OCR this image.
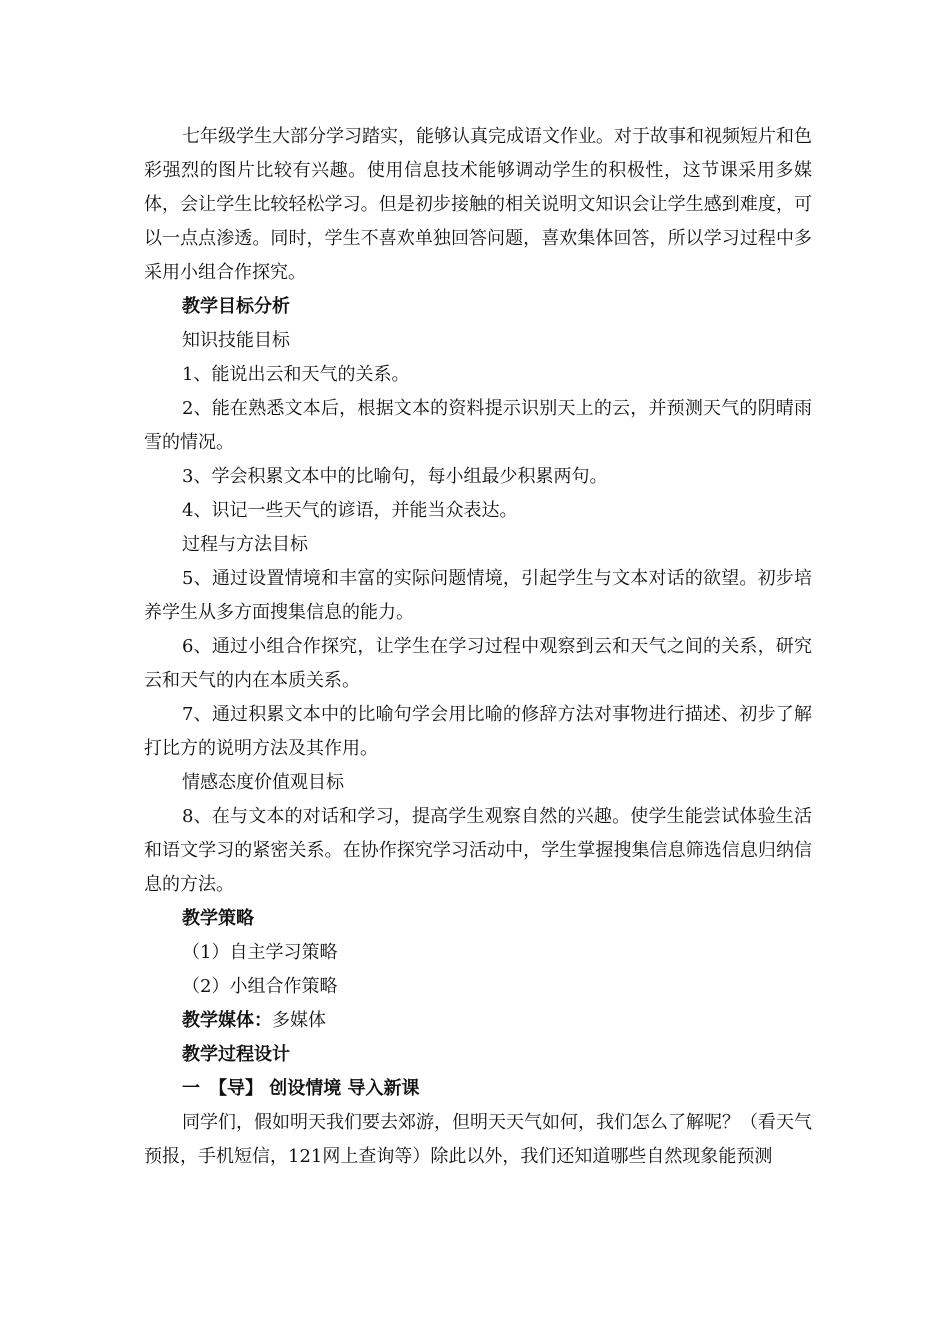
七年级学生大部分学习踏实，能够认真完成语文作业。对于故事和视频短片和色彩强烈的图片比较有兴趣。使用信息技术能够调动学生的积极性，这节课采用多媒体，会让学生比较轻松学习。但是初步接触的相关说明文知识会让学生感到难度，可以一点点渗透。同时，学生不喜欢单独回答问题，喜欢集体回答，所以学习过程中多采用小组合作探究。

教学目标分析

知识技能目标

1、能说出云和天气的关系。

2、能在熟悉文本后，根据文本的资料提示识别天上的云，并预测天气的阴晴雨雪的情况。

3、学会积累文本中的比喻句，每小组最少积累两句。

4、识记一些天气的谚语，并能当众表达。

过程与方法目标

5、通过设置情境和丰富的实际问题情境，引起学生与文本对话的欲望。初步培养学生从多方面搜集信息的能力。

6、通过小组合作探究，让学生在学习过程中观察到云和天气之间的关系，研究云和天气的内在本质关系。

7、通过积累文本中的比喻句学会用比喻的修辞方法对事物进行描述、初步了解打比方的说明方法及其作用。

情感态度价值观目标

8、在与文本的对话和学习，提高学生观察自然的兴趣。使学生能尝试体验生活和语文学习的紧密关系。在协作探究学习活动中，学生掌握搜集信息筛选信息归纳信息的方法。

教学策略

（1）自主学习策略

（2）小组合作策略

教学媒体：多媒体

教学过程设计

一　【导】 创设情境 导入新课

同学们，假如明天我们要去郊游，但明天天气如何，我们怎么了解呢？（看天气预报，手机短信，121网上查询等）除此以外，我们还知道哪些自然现象能预测
